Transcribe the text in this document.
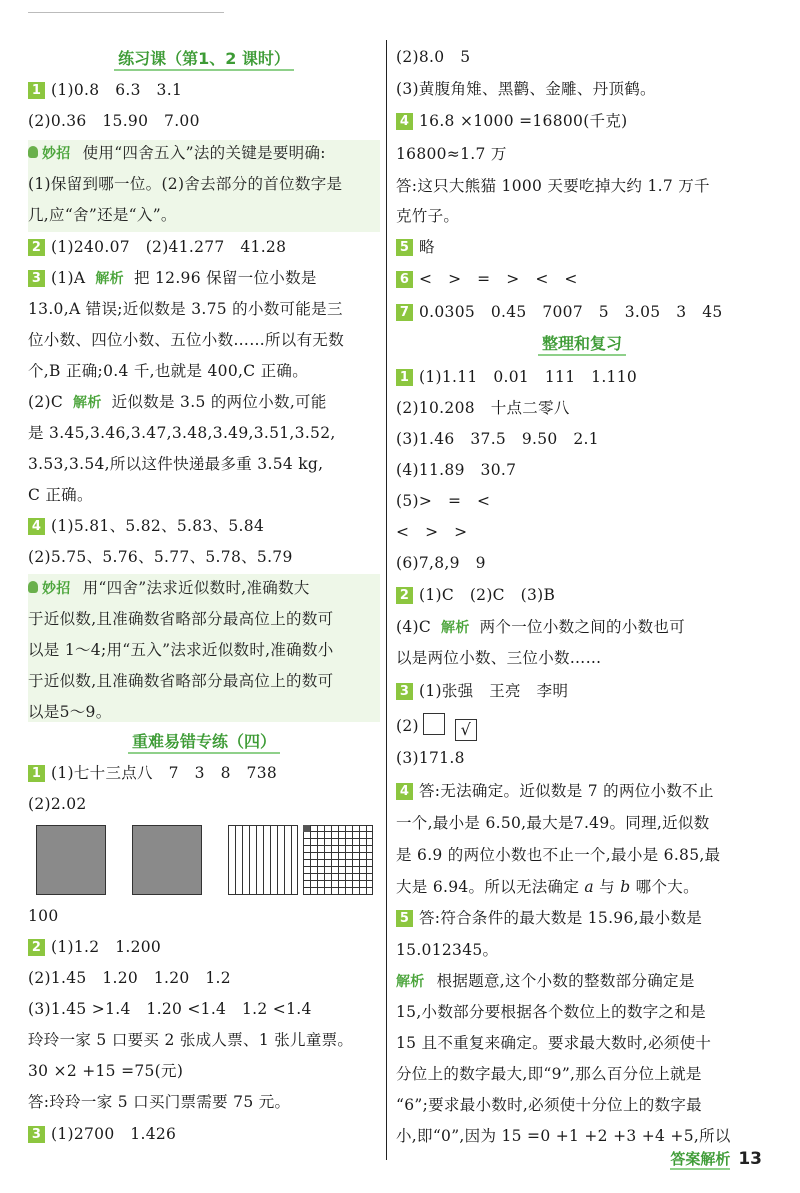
练习课（第1、2 课时）
1 (1)0.8　6.3　3.1
(2)0.36　15.90　7.00
妙招 使用“四舍五入”法的关键是要明确:
(1)保留到哪一位。(2)舍去部分的首位数字是
几,应“舍”还是“入”。
2 (1)240.07　(2)41.277　41.28
3 (1)A 解析 把 12.96 保留一位小数是
13.0,A 错误;近似数是 3.75 的小数可能是三
位小数、四位小数、五位小数……所以有无数
个,B 正确;0.4 千,也就是 400,C 正确。
(2)C 解析 近似数是 3.5 的两位小数,可能
是 3.45,3.46,3.47,3.48,3.49,3.51,3.52,
3.53,3.54,所以这件快递最多重 3.54 kg,
C 正确。
4 (1)5.81、5.82、5.83、5.84
(2)5.75、5.76、5.77、5.78、5.79
妙招 用“四舍”法求近似数时,准确数大
于近似数,且准确数省略部分最高位上的数可
以是 1～4;用“五入”法求近似数时,准确数小
于近似数,且准确数省略部分最高位上的数可
以是5～9。
重难易错专练（四）
1 (1)七十三点八　7　3　8　738
(2)2.02
100
2 (1)1.2　1.200
(2)1.45　1.20　1.20　1.2
(3)1.45 >1.4　1.20 <1.4　1.2 <1.4
玲玲一家 5 口要买 2 张成人票、1 张儿童票。
30 ×2 +15 =75(元)
答:玲玲一家 5 口买门票需要 75 元。
3 (1)2700　1.426
(2)8.0　5
(3)黄腹角雉、黑鹳、金雕、丹顶鹤。
4 16.8 ×1000 =16800(千克)
16800≈1.7 万
答:这只大熊猫 1000 天要吃掉大约 1.7 万千
克竹子。
5 略
6 <　>　=　>　<　<
7 0.0305　0.45　7007　5　3.05　3　45
整理和复习
1 (1)1.11　0.01　111　1.110
(2)10.208　十点二零八
(3)1.46　37.5　9.50　2.1
(4)11.89　30.7
(5)>　=　<
<　>　>
(6)7,8,9　9
2 (1)C　(2)C　(3)B
(4)C 解析 两个一位小数之间的小数也可
以是两位小数、三位小数……
3 (1)张强　王亮　李明
(2)	√
(3)171.8
4 答:无法确定。近似数是 7 的两位小数不止
一个,最小是 6.50,最大是7.49。同理,近似数
是 6.9 的两位小数也不止一个,最小是 6.85,最
大是 6.94。所以无法确定 a 与 b 哪个大。
5 答:符合条件的最大数是 15.96,最小数是
15.012345。
解析 根据题意,这个小数的整数部分确定是
15,小数部分要根据各个数位上的数字之和是
15 且不重复来确定。要求最大数时,必须使十
分位上的数字最大,即“9”,那么百分位上就是
“6”;要求最小数时,必须使十分位上的数字最
小,即“0”,因为 15 =0 +1 +2 +3 +4 +5,所以
答案解析 13
